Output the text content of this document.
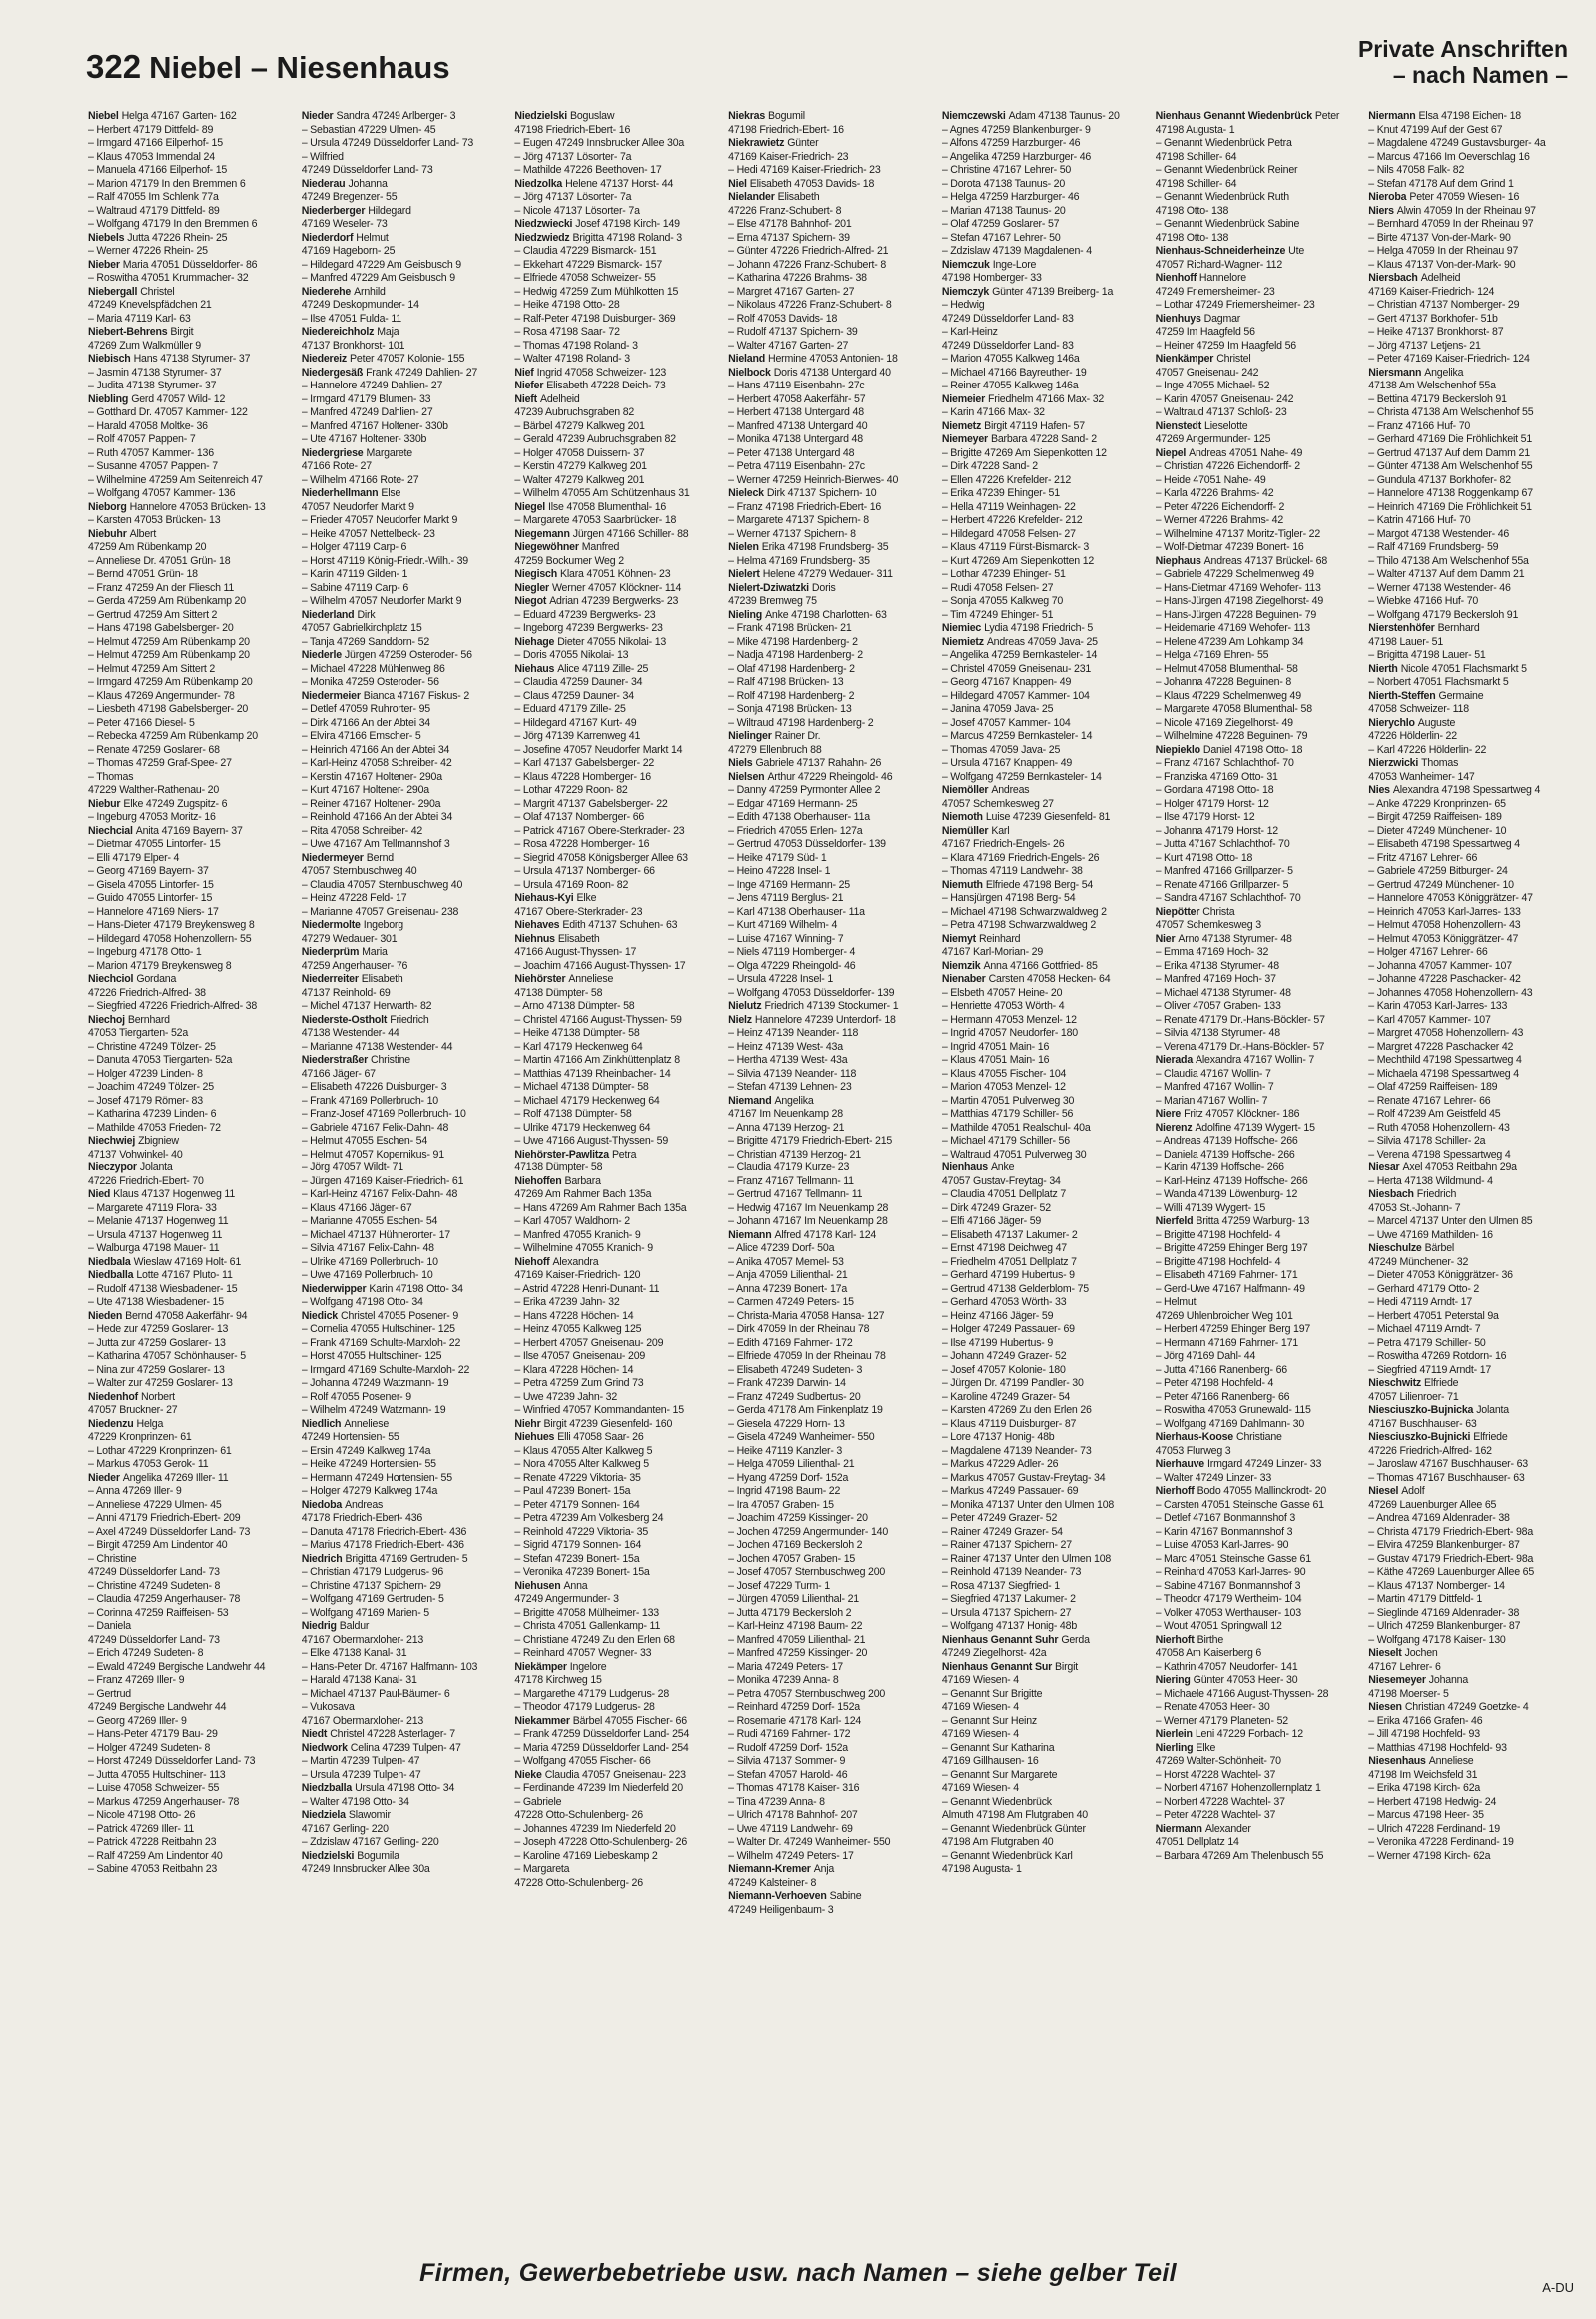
322 Niebel – Niesenhaus
Private Anschriften
– nach Namen –
Niebel Helga 47167 Garten- 162
– Herbert 47179 Dittfeld- 89
– Irmgard 47166 Eilperhof- 15
– Klaus 47053 Immendal 24
– Manuela 47166 Eilperhof- 15
– Marion 47179 In den Bremmen 6
– Ralf 47055 Im Schlenk 77a
– Waltraud 47179 Dittfeld- 89
– Wolfgang 47179 In den Bremmen 6
Niebels Jutta 47226 Rhein- 25
– Werner 47226 Rhein- 25
Nieber Maria 47051 Düsseldorfer- 86
– Roswitha 47051 Krummacher- 32
Niebergall Christel
47249 Knevelspfädchen 21
– Maria 47119 Karl- 63
Niebert-Behrens Birgit
47269 Zum Walkmüller 9
Niebisch Hans 47138 Styrumer- 37
– Jasmin 47138 Styrumer- 37
– Judita 47138 Styrumer- 37
Niebling Gerd 47057 Wild- 12
– Gotthard Dr. 47057 Kammer- 122
– Harald 47058 Moltke- 36
– Rolf 47057 Pappen- 7
– Ruth 47057 Kammer- 136
– Susanne 47057 Pappen- 7
– Wilhelmine 47259 Am Seitenreich 47
– Wolfgang 47057 Kammer- 136
Nieborg Hannelore 47053 Brücken- 13
– Karsten 47053 Brücken- 13
Niebuhr Albert
47259 Am Rübenkamp 20
– Anneliese Dr. 47051 Grün- 18
– Bernd 47051 Grün- 18
– Franz 47259 An der Fliesch 11
– Gerda 47259 Am Rübenkamp 20
– Gertrud 47259 Am Sittert 2
– Hans 47198 Gabelsberger- 20
– Helmut 47259 Am Rübenkamp 20
– Helmut 47259 Am Rübenkamp 20
– Helmut 47259 Am Sittert 2
– Irmgard 47259 Am Rübenkamp 20
– Klaus 47269 Angermunder- 78
– Liesbeth 47198 Gabelsberger- 20
– Peter 47166 Diesel- 5
– Rebecka 47259 Am Rübenkamp 20
– Renate 47259 Goslarer- 68
– Thomas 47259 Graf-Spee- 27
– Thomas
47229 Walther-Rathenau- 20
Niebur Elke 47249 Zugspitz- 6
– Ingeburg 47053 Moritz- 16
Niechcial Anita 47169 Bayern- 37
– Dietmar 47055 Lintorfer- 15
– Elli 47179 Elper- 4
– Georg 47169 Bayern- 37
– Gisela 47055 Lintorfer- 15
– Guido 47055 Lintorfer- 15
– Hannelore 47169 Niers- 17
– Hans-Dieter 47179 Breykensweg 8
– Hildegard 47058 Hohenzollern- 55
– Ingeburg 47178 Otto- 1
– Marion 47179 Breykensweg 8
Niechciol Gordana
47226 Friedrich-Alfred- 38
– Siegfried 47226 Friedrich-Alfred- 38
Niechoj Bernhard
47053 Tiergarten- 52a
– Christine 47249 Tölzer- 25
– Danuta 47053 Tiergarten- 52a
– Holger 47239 Linden- 8
– Joachim 47249 Tölzer- 25
– Josef 47179 Römer- 83
– Katharina 47239 Linden- 6
– Mathilde 47053 Frieden- 72
Niechwiej Zbigniew
47137 Vohwinkel- 40
Nieczypor Jolanta
47226 Friedrich-Ebert- 70
Nied Klaus 47137 Hogenweg 11
– Margarete 47119 Flora- 33
– Melanie 47137 Hogenweg 11
– Ursula 47137 Hogenweg 11
– Walburga 47198 Mauer- 11
Niedbala Wieslaw 47169 Holt- 61
Niedballa Lotte 47167 Pluto- 11
– Rudolf 47138 Wiesbadener- 15
– Ute 47138 Wiesbadener- 15
Nieden Bernd 47058 Aakerfähr- 94
– Hede zur 47259 Goslarer- 13
– Jutta zur 47259 Goslarer- 13
– Katharina 47057 Schönhauser- 5
– Nina zur 47259 Goslarer- 13
– Walter zur 47259 Goslarer- 13
Niedenhof Norbert
47057 Bruckner- 27
Niedenzu Helga
47229 Kronprinzen- 61
– Lothar 47229 Kronprinzen- 61
– Markus 47053 Gerok- 11
Nieder Angelika 47269 Iller- 11
– Anna 47269 Iller- 9
– Anneliese 47229 Ulmen- 45
– Anni 47179 Friedrich-Ebert- 209
– Axel 47249 Düsseldorfer Land- 73
– Birgit 47259 Am Lindentor 40
– Christine
47249 Düsseldorfer Land- 73
– Christine 47249 Sudeten- 8
– Claudia 47259 Angerhauser- 78
– Corinna 47259 Raiffeisen- 53
– Daniela
47249 Düsseldorfer Land- 73
– Erich 47249 Sudeten- 8
– Ewald 47249 Bergische Landwehr 44
– Franz 47269 Iller- 9
– Gertrud
47249 Bergische Landwehr 44
– Georg 47269 Iller- 9
– Hans-Peter 47179 Bau- 29
– Holger 47249 Sudeten- 8
– Horst 47249 Düsseldorfer Land- 73
– Jutta 47055 Hultschiner- 113
– Luise 47058 Schweizer- 55
– Markus 47259 Angerhauser- 78
– Nicole 47198 Otto- 26
– Patrick 47269 Iller- 11
– Patrick 47228 Reitbahn 23
– Ralf 47259 Am Lindentor 40
– Sabine 47053 Reitbahn 23
Nieder Sandra 47249 Arlberger- 3
– Sebastian 47229 Ulmen- 45
– Ursula 47249 Düsseldorfer Land- 73
– Wilfried
47249 Düsseldorfer Land- 73
Niederau Johanna
47249 Bregenzer- 55
Niederberger Hildegard
47169 Weseler- 73
Niederdorf Helmut
47169 Hageborn- 25
– Hildegard 47229 Am Geisbusch 9
– Manfred 47229 Am Geisbusch 9
Niederehe Arnhild
47249 Deskopmunder- 14
– Ilse 47051 Fulda- 11
Niedereichholz Maja
47137 Bronkhorst- 101
Niedereiz Peter 47057 Kolonie- 155
Niedergesäß Frank 47249 Dahlien- 27
– Hannelore 47249 Dahlien- 27
– Irmgard 47179 Blumen- 33
– Manfred 47249 Dahlien- 27
– Manfred 47167 Holtener- 330b
– Ute 47167 Holtener- 330b
Niedergriese Margarete
47166 Rote- 27
– Wilhelm 47166 Rote- 27
Niederhellmann Else
47057 Neudorfer Markt 9
– Frieder 47057 Neudorfer Markt 9
– Heike 47057 Nettelbeck- 23
– Holger 47119 Carp- 6
– Horst 47119 König-Friedr.-Wilh.- 39
– Karin 47119 Gilden- 1
– Sabine 47119 Carp- 6
– Wilhelm 47057 Neudorfer Markt 9
Niederland Dirk
47057 Gabrielkirchplatz 15
– Tanja 47269 Sanddorn- 52
Niederle Jürgen 47259 Osteroder- 56
– Michael 47228 Mühlenweg 86
– Monika 47259 Osteroder- 56
Niedermeier Bianca 47167 Fiskus- 2
– Detlef 47059 Ruhrorter- 95
– Dirk 47166 An der Abtei 34
– Elvira 47166 Emscher- 5
– Heinrich 47166 An der Abtei 34
– Karl-Heinz 47058 Schreiber- 42
– Kerstin 47167 Holtener- 290a
– Kurt 47167 Holtener- 290a
– Reiner 47167 Holtener- 290a
– Reinhold 47166 An der Abtei 34
– Rita 47058 Schreiber- 42
– Uwe 47167 Am Tellmannshof 3
Niedermeyer Bernd
47057 Sternbuschweg 40
– Claudia 47057 Sternbuschweg 40
– Heinz 47228 Feld- 17
– Marianne 47057 Gneisenau- 238
Niedermolte Ingeborg
47279 Wedauer- 301
Niederprüm Maria
47259 Angerhauser- 76
Niederreiter Elisabeth
47137 Reinhold- 69
– Michel 47137 Herwarth- 82
Niederste-Ostholt Friedrich
47138 Westender- 44
– Marianne 47138 Westender- 44
Niederstraßer Christine
47166 Jäger- 67
– Elisabeth 47226 Duisburger- 3
– Frank 47169 Pollerbruch- 10
– Franz-Josef 47169 Pollerbruch- 10
– Gabriele 47167 Felix-Dahn- 48
– Helmut 47055 Eschen- 54
– Helmut 47057 Kopernikus- 91
– Jörg 47057 Wildt- 71
– Jürgen 47169 Kaiser-Friedrich- 61
– Karl-Heinz 47167 Felix-Dahn- 48
– Klaus 47166 Jäger- 67
– Marianne 47055 Eschen- 54
– Michael 47137 Hühnerorter- 17
– Silvia 47167 Felix-Dahn- 48
– Ulrike 47169 Pollerbruch- 10
– Uwe 47169 Pollerbruch- 10
Niederwipper Karin 47198 Otto- 34
– Wolfgang 47198 Otto- 34
Niedick Christel 47055 Posener- 9
– Cornelia 47055 Hultschiner- 125
– Frank 47169 Schulte-Marxloh- 22
– Horst 47055 Hultschiner- 125
– Irmgard 47169 Schulte-Marxloh- 22
– Johanna 47249 Watzmann- 19
– Rolf 47055 Posener- 9
– Wilhelm 47249 Watzmann- 19
Niedlich Anneliese
47249 Hortensien- 55
– Ersin 47249 Kalkweg 174a
– Heike 47249 Hortensien- 55
– Hermann 47249 Hortensien- 55
– Holger 47279 Kalkweg 174a
Niedoba Andreas
47178 Friedrich-Ebert- 436
– Danuta 47178 Friedrich-Ebert- 436
– Marius 47178 Friedrich-Ebert- 436
Niedrich Brigitta 47169 Gertruden- 5
– Christian 47179 Ludgerus- 96
– Christine 47137 Spichern- 29
– Wolfgang 47169 Gertruden- 5
– Wolfgang 47169 Marien- 5
Niedrig Baldur
47167 Obermarxloher- 213
– Elke 47138 Kanal- 31
– Hans-Peter Dr. 47167 Halfmann- 103
– Harald 47138 Kanal- 31
– Michael 47137 Paul-Bäumer- 6
– Vukosava
47167 Obermarxloher- 213
Niedt Christel 47228 Asterlager- 7
Niedwork Celina 47239 Tulpen- 47
– Martin 47239 Tulpen- 47
– Ursula 47239 Tulpen- 47
Niedzballa Ursula 47198 Otto- 34
– Walter 47198 Otto- 34
Niedziela Slawomir
47167 Gerling- 220
– Zdzislaw 47167 Gerling- 220
Niedzielski Bogumila
47249 Innsbrucker Allee 30a
Niedzielski Boguslaw
47198 Friedrich-Ebert- 16
– Eugen 47249 Innsbrucker Allee 30a
– Jörg 47137 Lösorter- 7a
– Mathilde 47226 Beethoven- 17
Niedzolka Helene 47137 Horst- 44
– Jörg 47137 Lösorter- 7a
– Nicole 47137 Lösorter- 7a
Niedzwiecki Josef 47198 Kirch- 149
Niedzwiedz Brigitta 47198 Roland- 3
– Claudia 47229 Bismarck- 151
– Ekkehart 47229 Bismarck- 157
– Elfriede 47058 Schweizer- 55
– Hedwig 47259 Zum Mühlkotten 15
– Heike 47198 Otto- 28
– Ralf-Peter 47198 Duisburger- 369
– Rosa 47198 Saar- 72
– Thomas 47198 Roland- 3
– Walter 47198 Roland- 3
Nief Ingrid 47058 Schweizer- 123
Niefer Elisabeth 47228 Deich- 73
Nieft Adelheid
47239 Aubruchsgraben 82
– Bärbel 47279 Kalkweg 201
– Gerald 47239 Aubruchsgraben 82
– Holger 47058 Duissern- 37
– Kerstin 47279 Kalkweg 201
– Walter 47279 Kalkweg 201
– Wilhelm 47055 Am Schützenhaus 31
Niegel Ilse 47058 Blumenthal- 16
– Margarete 47053 Saarbrücker- 18
Niegemann Jürgen 47166 Schiller- 88
Niegewöhner Manfred
47259 Bockumer Weg 2
Niegisch Klara 47051 Köhnen- 23
Niegler Werner 47057 Klöckner- 114
Niegot Adrian 47239 Bergwerks- 23
– Eduard 47239 Bergwerks- 23
– Ingeborg 47239 Bergwerks- 23
Niehage Dieter 47055 Nikolai- 13
– Doris 47055 Nikolai- 13
Niehaus Alice 47119 Zille- 25
– Claudia 47259 Dauner- 34
– Claus 47259 Dauner- 34
– Eduard 47179 Zille- 25
– Hildegard 47167 Kurt- 49
– Jörg 47139 Karrenweg 41
– Josefine 47057 Neudorfer Markt 14
– Karl 47137 Gabelsberger- 22
– Klaus 47228 Homberger- 16
– Lothar 47229 Roon- 82
– Margrit 47137 Gabelsberger- 22
– Olaf 47137 Nomberger- 66
– Patrick 47167 Obere-Sterkrader- 23
– Rosa 47228 Homberger- 16
– Siegrid 47058 Königsberger Allee 63
– Ursula 47137 Nomberger- 66
– Ursula 47169 Roon- 82
Niehaus-Kyi Elke
47167 Obere-Sterkrader- 23
Niehaves Edith 47137 Schuhen- 63
Niehnus Elisabeth
47166 August-Thyssen- 17
– Joachim 47166 August-Thyssen- 17
Niehörster Anneliese
47138 Dümpter- 58
– Arno 47138 Dümpter- 58
– Christel 47166 August-Thyssen- 59
– Heike 47138 Dümpter- 58
– Karl 47179 Heckenweg 64
– Martin 47166 Am Zinkhüttenplatz 8
– Matthias 47139 Rheinbacher- 14
– Michael 47138 Dümpter- 58
– Michael 47179 Heckenweg 64
– Rolf 47138 Dümpter- 58
– Ulrike 47179 Heckenweg 64
– Uwe 47166 August-Thyssen- 59
Niehörster-Pawlitza Petra
47138 Dümpter- 58
Niehoffen Barbara
47269 Am Rahmer Bach 135a
– Hans 47269 Am Rahmer Bach 135a
– Karl 47057 Waldhorn- 2
– Manfred 47055 Kranich- 9
– Wilhelmine 47055 Kranich- 9
Niehoff Alexandra
47169 Kaiser-Friedrich- 120
– Astrid 47228 Henri-Dunant- 11
– Erika 47239 Jahn- 32
– Hans 47228 Höchen- 14
– Heinz 47055 Kalkweg 125
– Herbert 47057 Gneisenau- 209
– Ilse 47057 Gneisenau- 209
– Klara 47228 Höchen- 14
– Petra 47259 Zum Grind 73
– Uwe 47239 Jahn- 32
– Winfried 47057 Kommandanten- 15
Niehr Birgit 47239 Giesenfeld- 160
Niehues Elli 47058 Saar- 26
– Klaus 47055 Alter Kalkweg 5
– Nora 47055 Alter Kalkweg 5
– Renate 47229 Viktoria- 35
– Paul 47239 Bonert- 15a
– Peter 47179 Sonnen- 164
– Petra 47239 Am Volkesberg 24
– Reinhold 47229 Viktoria- 35
– Sigrid 47179 Sonnen- 164
– Stefan 47239 Bonert- 15a
– Veronika 47239 Bonert- 15a
Niehusen Anna
47249 Angermunder- 3
– Brigitte 47058 Mülheimer- 133
– Christa 47051 Gallenkamp- 11
– Christiane 47249 Zu den Erlen 68
– Reinhard 47057 Wegner- 33
Niekämper Ingelore
47178 Kirchweg 15
– Margarethe 47179 Ludgerus- 28
– Theodor 47179 Ludgerus- 28
Niekammer Bärbel 47055 Fischer- 66
– Frank 47259 Düsseldorfer Land- 254
– Maria 47259 Düsseldorfer Land- 254
– Wolfgang 47055 Fischer- 66
Nieke Claudia 47057 Gneisenau- 223
– Ferdinande 47239 Im Niederfeld 20
– Gabriele
47228 Otto-Schulenberg- 26
– Johannes 47239 Im Niederfeld 20
– Joseph 47228 Otto-Schulenberg- 26
– Karoline 47169 Liebeskamp 2
– Margareta
47228 Otto-Schulenberg- 26
Niekras Bogumil
47198 Friedrich-Ebert- 16
Niekrawietz Günter
47169 Kaiser-Friedrich- 23
– Hedi 47169 Kaiser-Friedrich- 23
Niel Elisabeth 47053 Davids- 18
Nielander Elisabeth
47226 Franz-Schubert- 8
– Else 47178 Bahnhof- 201
– Erna 47137 Spichern- 39
– Günter 47226 Friedrich-Alfred- 21
– Johann 47226 Franz-Schubert- 8
– Katharina 47226 Brahms- 38
– Margret 47167 Garten- 27
– Nikolaus 47226 Franz-Schubert- 8
– Rolf 47053 Davids- 18
– Rudolf 47137 Spichern- 39
– Walter 47167 Garten- 27
Nieland Hermine 47053 Antonien- 18
Nielbock Doris 47138 Untergard 40
– Hans 47119 Eisenbahn- 27c
– Herbert 47058 Aakerfähr- 57
– Herbert 47138 Untergard 48
– Manfred 47138 Untergard 40
– Monika 47138 Untergard 48
– Peter 47138 Untergard 48
– Petra 47119 Eisenbahn- 27c
– Werner 47259 Heinrich-Bierwes- 40
Nieleck Dirk 47137 Spichern- 10
– Franz 47198 Friedrich-Ebert- 16
– Margarete 47137 Spichern- 8
– Werner 47137 Spichern- 8
Nielen Erika 47198 Frundsberg- 35
– Helma 47169 Frundsberg- 35
Nielert Helene 47279 Wedauer- 311
Nielert-Dziwatzki Doris
47239 Bremweg 75
Nieling Anke 47198 Charlotten- 63
– Frank 47198 Brücken- 21
– Mike 47198 Hardenberg- 2
– Nadja 47198 Hardenberg- 2
– Olaf 47198 Hardenberg- 2
– Ralf 47198 Brücken- 13
– Rolf 47198 Hardenberg- 2
– Sonja 47198 Brücken- 13
– Wiltraud 47198 Hardenberg- 2
Nielinger Rainer Dr.
47279 Ellenbruch 88
Niels Gabriele 47137 Rahahn- 26
Nielsen Arthur 47229 Rheingold- 46
– Danny 47259 Pyrmonter Allee 2
– Edgar 47169 Hermann- 25
– Edith 47138 Oberhauser- 11a
– Friedrich 47055 Erlen- 127a
– Gertrud 47053 Düsseldorfer- 139
– Heike 47179 Süd- 1
– Heino 47228 Insel- 1
– Inge 47169 Hermann- 25
– Jens 47119 Berglus- 21
– Karl 47138 Oberhauser- 11a
– Kurt 47169 Wilhelm- 4
– Luise 47167 Winning- 7
– Niels 47119 Homberger- 4
– Olga 47229 Rheingold- 46
– Ursula 47228 Insel- 1
– Wolfgang 47053 Düsseldorfer- 139
Nielutz Friedrich 47139 Stockumer- 1
Nielz Hannelore 47239 Unterdorf- 18
– Heinz 47139 Neander- 118
– Heinz 47139 West- 43a
– Hertha 47139 West- 43a
– Silvia 47139 Neander- 118
– Stefan 47139 Lehnen- 23
Niemand Angelika
47167 Im Neuenkamp 28
– Anna 47139 Herzog- 21
– Brigitte 47179 Friedrich-Ebert- 215
– Christian 47139 Herzog- 21
– Claudia 47179 Kurze- 23
– Franz 47167 Tellmann- 11
– Gertrud 47167 Tellmann- 11
– Hedwig 47167 Im Neuenkamp 28
– Johann 47167 Im Neuenkamp 28
Niemann Alfred 47178 Karl- 124
– Alice 47239 Dorf- 50a
– Anika 47057 Memel- 53
– Anja 47059 Lilienthal- 21
– Anna 47239 Bonert- 17a
– Carmen 47249 Peters- 15
– Christa-Maria 47058 Hansa- 127
– Dirk 47059 In der Rheinau 78
– Edith 47169 Fahrner- 172
– Elfriede 47059 In der Rheinau 78
– Elisabeth 47249 Sudeten- 3
– Frank 47239 Darwin- 14
– Franz 47249 Sudbertus- 20
– Gerda 47178 Am Finkenplatz 19
– Giesela 47229 Horn- 13
– Gisela 47249 Wanheimer- 550
– Heike 47119 Kanzler- 3
– Helga 47059 Lilienthal- 21
– Hyang 47259 Dorf- 152a
– Ingrid 47198 Baum- 22
– Ira 47057 Graben- 15
– Joachim 47259 Kissinger- 20
– Jochen 47259 Angermunder- 140
– Jochen 47169 Beckersloh 2
– Jochen 47057 Graben- 15
– Josef 47057 Sternbuschweg 200
– Josef 47229 Turm- 1
– Jürgen 47059 Lilienthal- 21
– Jutta 47179 Beckersloh 2
– Karl-Heinz 47198 Baum- 22
– Manfred 47059 Lilienthal- 21
– Manfred 47259 Kissinger- 20
– Maria 47249 Peters- 17
– Monika 47239 Anna- 8
– Petra 47057 Sternbuschweg 200
– Reinhard 47259 Dorf- 152a
– Rosemarie 47178 Karl- 124
– Rudi 47169 Fahrner- 172
– Rudolf 47259 Dorf- 152a
– Silvia 47137 Sommer- 9
– Stefan 47057 Harold- 46
– Thomas 47178 Kaiser- 316
– Tina 47239 Anna- 8
– Ulrich 47178 Bahnhof- 207
– Uwe 47119 Landwehr- 69
– Walter Dr. 47249 Wanheimer- 550
– Wilhelm 47249 Peters- 17
Niemann-Kremer Anja
47249 Kalsteiner- 8
Niemann-Verhoeven Sabine
47249 Heiligenbaum- 3
Niemczewski Adam 47138 Taunus- 20
– Agnes 47259 Blankenburger- 9
– Alfons 47259 Harzburger- 46
– Angelika 47259 Harzburger- 46
– Christine 47167 Lehrer- 50
– Dorota 47138 Taunus- 20
– Helga 47259 Harzburger- 46
– Marian 47138 Taunus- 20
– Olaf 47259 Goslarer- 57
– Stefan 47167 Lehrer- 50
– Zdzislaw 47139 Magdalenen- 4
Niemczuk Inge-Lore
47198 Homberger- 33
Niemczyk Günter 47139 Breiberg- 1a
– Hedwig
47249 Düsseldorfer Land- 83
– Karl-Heinz
47249 Düsseldorfer Land- 83
– Marion 47055 Kalkweg 146a
– Michael 47166 Bayreuther- 19
– Reiner 47055 Kalkweg 146a
Niemeier Friedhelm 47166 Max- 32
– Karin 47166 Max- 32
Niemetz Birgit 47119 Hafen- 57
Niemeyer Barbara 47228 Sand- 2
– Brigitte 47269 Am Siepenkotten 12
– Dirk 47228 Sand- 2
– Ellen 47226 Krefelder- 212
– Erika 47239 Ehinger- 51
– Hella 47119 Weinhagen- 22
– Herbert 47226 Krefelder- 212
– Hildegard 47058 Felsen- 27
– Klaus 47119 Fürst-Bismarck- 3
– Kurt 47269 Am Siepenkotten 12
– Lothar 47239 Ehinger- 51
– Rudi 47058 Felsen- 27
– Sonja 47055 Kalkweg 70
– Tim 47249 Ehinger- 51
Niemiec Lydia 47198 Friedrich- 5
Niemietz Andreas 47059 Java- 25
– Angelika 47259 Bernkasteler- 14
– Christel 47059 Gneisenau- 231
– Georg 47167 Knappen- 49
– Hildegard 47057 Kammer- 104
– Janina 47059 Java- 25
– Josef 47057 Kammer- 104
– Marcus 47259 Bernkasteler- 14
– Thomas 47059 Java- 25
– Ursula 47167 Knappen- 49
– Wolfgang 47259 Bernkasteler- 14
Niemöller Andreas
47057 Schemkesweg 27
Niemoth Luise 47239 Giesenfeld- 81
Niemüller Karl
47167 Friedrich-Engels- 26
– Klara 47169 Friedrich-Engels- 26
– Thomas 47119 Landwehr- 38
Niemuth Elfriede 47198 Berg- 54
– Hansjürgen 47198 Berg- 54
– Michael 47198 Schwarzwaldweg 2
– Petra 47198 Schwarzwaldweg 2
Niemyt Reinhard
47167 Karl-Morian- 29
Niemzik Anna 47166 Gottfried- 85
Nienaber Carsten 47058 Hecken- 64
– Elsbeth 47057 Heine- 20
– Henriette 47053 Wörth- 4
– Hermann 47053 Menzel- 12
– Ingrid 47057 Neudorfer- 180
– Ingrid 47051 Main- 16
– Klaus 47051 Main- 16
– Klaus 47055 Fischer- 104
– Marion 47053 Menzel- 12
– Martin 47051 Pulverweg 30
– Matthias 47179 Schiller- 56
– Mathilde 47051 Realschul- 40a
– Michael 47179 Schiller- 56
– Waltraud 47051 Pulverweg 30
Nienhaus Anke
47057 Gustav-Freytag- 34
– Claudia 47051 Dellplatz 7
– Dirk 47249 Grazer- 52
– Elfi 47166 Jäger- 59
– Elisabeth 47137 Lakumer- 2
– Ernst 47198 Deichweg 47
– Friedhelm 47051 Dellplatz 7
– Gerhard 47199 Hubertus- 9
– Gertrud 47138 Gelderblom- 75
– Gerhard 47053 Wörth- 33
– Heinz 47166 Jäger- 59
– Holger 47249 Passauer- 69
– Ilse 47199 Hubertus- 9
– Johann 47249 Grazer- 52
– Josef 47057 Kolonie- 180
– Jürgen Dr. 47199 Pandler- 30
– Karoline 47249 Grazer- 54
– Karsten 47269 Zu den Erlen 26
– Klaus 47119 Duisburger- 87
– Lore 47137 Honig- 48b
– Magdalene 47139 Neander- 73
– Markus 47229 Adler- 26
– Markus 47057 Gustav-Freytag- 34
– Markus 47249 Passauer- 69
– Monika 47137 Unter den Ulmen 108
– Peter 47249 Grazer- 52
– Rainer 47249 Grazer- 54
– Rainer 47137 Spichern- 27
– Rainer 47137 Unter den Ulmen 108
– Reinhold 47139 Neander- 73
– Rosa 47137 Siegfried- 1
– Siegfried 47137 Lakumer- 2
– Ursula 47137 Spichern- 27
– Wolfgang 47137 Honig- 48b
Nienhaus Genannt Suhr Gerda
47249 Ziegelhorst- 42a
Nienhaus Genannt Sur Birgit
47169 Wiesen- 4
– Genannt Sur Brigitte
47169 Wiesen- 4
– Genannt Sur Heinz
47169 Wiesen- 4
– Genannt Sur Katharina
47169 Gillhausen- 16
– Genannt Sur Margarete
47169 Wiesen- 4
– Genannt Wiedenbrück
Almuth 47198 Am Flutgraben 40
– Genannt Wiedenbrück Günter
47198 Am Flutgraben 40
– Genannt Wiedenbrück Karl
47198 Augusta- 1
Nienhaus Genannt Wiedenbrück Peter
47198 Augusta- 1
– Genannt Wiedenbrück Petra
47198 Schiller- 64
– Genannt Wiedenbrück Reiner
47198 Schiller- 64
– Genannt Wiedenbrück Ruth
47198 Otto- 138
– Genannt Wiedenbrück Sabine
47198 Otto- 138
Nienhaus-Schneiderheinze Ute
47057 Richard-Wagner- 112
Nienhoff Hannelore
47249 Friemersheimer- 23
– Lothar 47249 Friemersheimer- 23
Nienhuys Dagmar
47259 Im Haagfeld 56
– Heiner 47259 Im Haagfeld 56
Nienkämper Christel
47057 Gneisenau- 242
– Inge 47055 Michael- 52
– Karin 47057 Gneisenau- 242
– Waltraud 47137 Schloß- 23
Nienstedt Lieselotte
47269 Angermunder- 125
Niepel Andreas 47051 Nahe- 49
– Christian 47226 Eichendorff- 2
– Heide 47051 Nahe- 49
– Karla 47226 Brahms- 42
– Peter 47226 Eichendorff- 2
– Werner 47226 Brahms- 42
– Wilhelmine 47137 Moritz-Tigler- 22
– Wolf-Dietmar 47239 Bonert- 16
Niephaus Andreas 47137 Brückel- 68
– Gabriele 47229 Schelmenweg 49
– Hans-Dietmar 47169 Wehofer- 113
– Hans-Jürgen 47198 Ziegelhorst- 49
– Hans-Jürgen 47228 Beguinen- 79
– Heidemarie 47169 Wehofer- 113
– Helene 47239 Am Lohkamp 34
– Helga 47169 Ehren- 55
– Helmut 47058 Blumenthal- 58
– Johanna 47228 Beguinen- 8
– Klaus 47229 Schelmenweg 49
– Margarete 47058 Blumenthal- 58
– Nicole 47169 Ziegelhorst- 49
– Wilhelmine 47228 Beguinen- 79
Niepieklo Daniel 47198 Otto- 18
– Franz 47167 Schlachthof- 70
– Franziska 47169 Otto- 31
– Gordana 47198 Otto- 18
– Holger 47179 Horst- 12
– Ilse 47179 Horst- 12
– Johanna 47179 Horst- 12
– Jutta 47167 Schlachthof- 70
– Kurt 47198 Otto- 18
– Manfred 47166 Grillparzer- 5
– Renate 47166 Grillparzer- 5
– Sandra 47167 Schlachthof- 70
Niepötter Christa
47057 Schemkesweg 3
Nier Arno 47138 Styrumer- 48
– Emma 47169 Hoch- 32
– Erika 47138 Styrumer- 48
– Manfred 47169 Hoch- 37
– Michael 47138 Styrumer- 48
– Oliver 47057 Graben- 133
– Renate 47179 Dr.-Hans-Böckler- 57
– Silvia 47138 Styrumer- 48
– Verena 47179 Dr.-Hans-Böckler- 57
Nierada Alexandra 47167 Wollin- 7
– Claudia 47167 Wollin- 7
– Manfred 47167 Wollin- 7
– Marian 47167 Wollin- 7
Niere Fritz 47057 Klöckner- 186
Nierenz Adolfine 47139 Wygert- 15
– Andreas 47139 Hoffsche- 266
– Daniela 47139 Hoffsche- 266
– Karin 47139 Hoffsche- 266
– Karl-Heinz 47139 Hoffsche- 266
– Wanda 47139 Löwenburg- 12
– Willi 47139 Wygert- 15
Nierfeld Britta 47259 Warburg- 13
– Brigitte 47198 Hochfeld- 4
– Brigitte 47259 Ehinger Berg 197
– Brigitte 47198 Hochfeld- 4
– Elisabeth 47169 Fahrner- 171
– Gerd-Uwe 47167 Halfmann- 49
– Helmut
47269 Uhlenbroicher Weg 101
– Herbert 47259 Ehinger Berg 197
– Hermann 47169 Fahrner- 171
– Jörg 47169 Dahl- 44
– Jutta 47166 Ranenberg- 66
– Peter 47198 Hochfeld- 4
– Peter 47166 Ranenberg- 66
– Roswitha 47053 Grunewald- 115
– Wolfgang 47169 Dahlmann- 30
Nierhaus-Koose Christiane
47053 Flurweg 3
Nierhauve Irmgard 47249 Linzer- 33
– Walter 47249 Linzer- 33
Nierhoff Bodo 47055 Mallinckrodt- 20
– Carsten 47051 Steinsche Gasse 61
– Detlef 47167 Bonmannshof 3
– Karin 47167 Bonmannshof 3
– Luise 47053 Karl-Jarres- 90
– Marc 47051 Steinsche Gasse 61
– Reinhard 47053 Karl-Jarres- 90
– Sabine 47167 Bonmannshof 3
– Theodor 47179 Wertheim- 104
– Volker 47053 Werthauser- 103
– Wout 47051 Springwall 12
Nierhoft Birthe
47058 Am Kaiserberg 6
– Kathrin 47057 Neudorfer- 141
Niering Günter 47053 Heer- 30
– Michaele 47166 August-Thyssen- 28
– Renate 47053 Heer- 30
– Werner 47179 Planeten- 52
Nierlein Leni 47229 Forbach- 12
Nierling Elke
47269 Walter-Schönheit- 70
– Horst 47228 Wachtel- 37
– Norbert 47167 Hohenzollernplatz 1
– Norbert 47228 Wachtel- 37
– Peter 47228 Wachtel- 37
Niermann Alexander
47051 Dellplatz 14
– Barbara 47269 Am Thelenbusch 55
Niermann Elsa 47198 Eichen- 18
– Knut 47199 Auf der Gest 67
– Magdalene 47249 Gustavsburger- 4a
– Marcus 47166 Im Oeverschlag 16
– Nils 47058 Falk- 82
– Stefan 47178 Auf dem Grind 1
Nieroba Peter 47059 Wiesen- 16
Niers Alwin 47059 In der Rheinau 97
– Bernhard 47059 In der Rheinau 97
– Birte 47137 Von-der-Mark- 90
– Helga 47059 In der Rheinau 97
– Klaus 47137 Von-der-Mark- 90
Niersbach Adelheid
47169 Kaiser-Friedrich- 124
– Christian 47137 Nomberger- 29
– Gert 47137 Borkhofer- 51b
– Heike 47137 Bronkhorst- 87
– Jörg 47137 Letjens- 21
– Peter 47169 Kaiser-Friedrich- 124
Niersmann Angelika
47138 Am Welschenhof 55a
– Bettina 47179 Beckersloh 91
– Christa 47138 Am Welschenhof 55
– Franz 47166 Huf- 70
– Gerhard 47169 Die Fröhlichkeit 51
– Gertrud 47137 Auf dem Damm 21
– Günter 47138 Am Welschenhof 55
– Gundula 47137 Borkhofer- 82
– Hannelore 47138 Roggenkamp 67
– Heinrich 47169 Die Fröhlichkeit 51
– Katrin 47166 Huf- 70
– Margot 47138 Westender- 46
– Ralf 47169 Frundsberg- 59
– Thilo 47138 Am Welschenhof 55a
– Walter 47137 Auf dem Damm 21
– Werner 47138 Westender- 46
– Wiebke 47166 Huf- 70
– Wolfgang 47179 Beckersloh 91
Nierstenhöfer Bernhard
47198 Lauer- 51
– Brigitta 47198 Lauer- 51
Nierth Nicole 47051 Flachsmarkt 5
– Norbert 47051 Flachsmarkt 5
Nierth-Steffen Germaine
47058 Schweizer- 118
Nierychlo Auguste
47226 Hölderlin- 22
– Karl 47226 Hölderlin- 22
Nierzwicki Thomas
47053 Wanheimer- 147
Nies Alexandra 47198 Spessartweg 4
– Anke 47229 Kronprinzen- 65
– Birgit 47259 Raiffeisen- 189
– Dieter 47249 Münchener- 10
– Elisabeth 47198 Spessartweg 4
– Fritz 47167 Lehrer- 66
– Gabriele 47259 Bitburger- 24
– Gertrud 47249 Münchener- 10
– Hannelore 47053 Königgrätzer- 47
– Heinrich 47053 Karl-Jarres- 133
– Helmut 47058 Hohenzollern- 43
– Helmut 47053 Königgrätzer- 47
– Holger 47167 Lehrer- 66
– Johanna 47057 Kammer- 107
– Johanne 47228 Paschacker- 42
– Johannes 47058 Hohenzollern- 43
– Karin 47053 Karl-Jarres- 133
– Karl 47057 Kammer- 107
– Margret 47058 Hohenzollern- 43
– Margret 47228 Paschacker 42
– Mechthild 47198 Spessartweg 4
– Michaela 47198 Spessartweg 4
– Olaf 47259 Raiffeisen- 189
– Renate 47167 Lehrer- 66
– Rolf 47239 Am Geistfeld 45
– Ruth 47058 Hohenzollern- 43
– Silvia 47178 Schiller- 2a
– Verena 47198 Spessartweg 4
Niesar Axel 47053 Reitbahn 29a
– Herta 47138 Wildmund- 4
Niesbach Friedrich
47053 St.-Johann- 7
– Marcel 47137 Unter den Ulmen 85
– Uwe 47169 Mathilden- 16
Nieschulze Bärbel
47249 Münchener- 32
– Dieter 47053 Königgrätzer- 36
– Gerhard 47179 Otto- 2
– Hedi 47119 Arndt- 17
– Herbert 47051 Peterstal 9a
– Michael 47119 Arndt- 7
– Petra 47179 Schiller- 50
– Roswitha 47269 Rotdorn- 16
– Siegfried 47119 Arndt- 17
Nieschwitz Elfriede
47057 Lilienroer- 71
Niesciuszko-Bujnicka Jolanta
47167 Buschhauser- 63
Niesciuszko-Bujnicki Elfriede
47226 Friedrich-Alfred- 162
– Jaroslaw 47167 Buschhauser- 63
– Thomas 47167 Buschhauser- 63
Niesel Adolf
47269 Lauenburger Allee 65
– Andrea 47169 Aldenrader- 38
– Christa 47179 Friedrich-Ebert- 98a
– Elvira 47259 Blankenburger- 87
– Gustav 47179 Friedrich-Ebert- 98a
– Käthe 47269 Lauenburger Allee 65
– Klaus 47137 Nomberger- 14
– Martin 47179 Dittfeld- 1
– Sieglinde 47169 Aldenrader- 38
– Ulrich 47259 Blankenburger- 87
– Wolfgang 47178 Kaiser- 130
Nieselt Jochen
47167 Lehrer- 6
Niesemeyer Johanna
47198 Moerser- 5
Niesen Christian 47249 Goetzke- 4
– Erika 47166 Grafen- 46
– Jill 47198 Hochfeld- 93
– Matthias 47198 Hochfeld- 93
Niesenhaus Anneliese
47198 Im Weichsfeld 31
– Erika 47198 Kirch- 62a
– Herbert 47198 Hedwig- 24
– Marcus 47198 Heer- 35
– Ulrich 47228 Ferdinand- 19
– Veronika 47228 Ferdinand- 19
– Werner 47198 Kirch- 62a
Firmen, Gewerbebetriebe usw. nach Namen – siehe gelber Teil
A-DU
